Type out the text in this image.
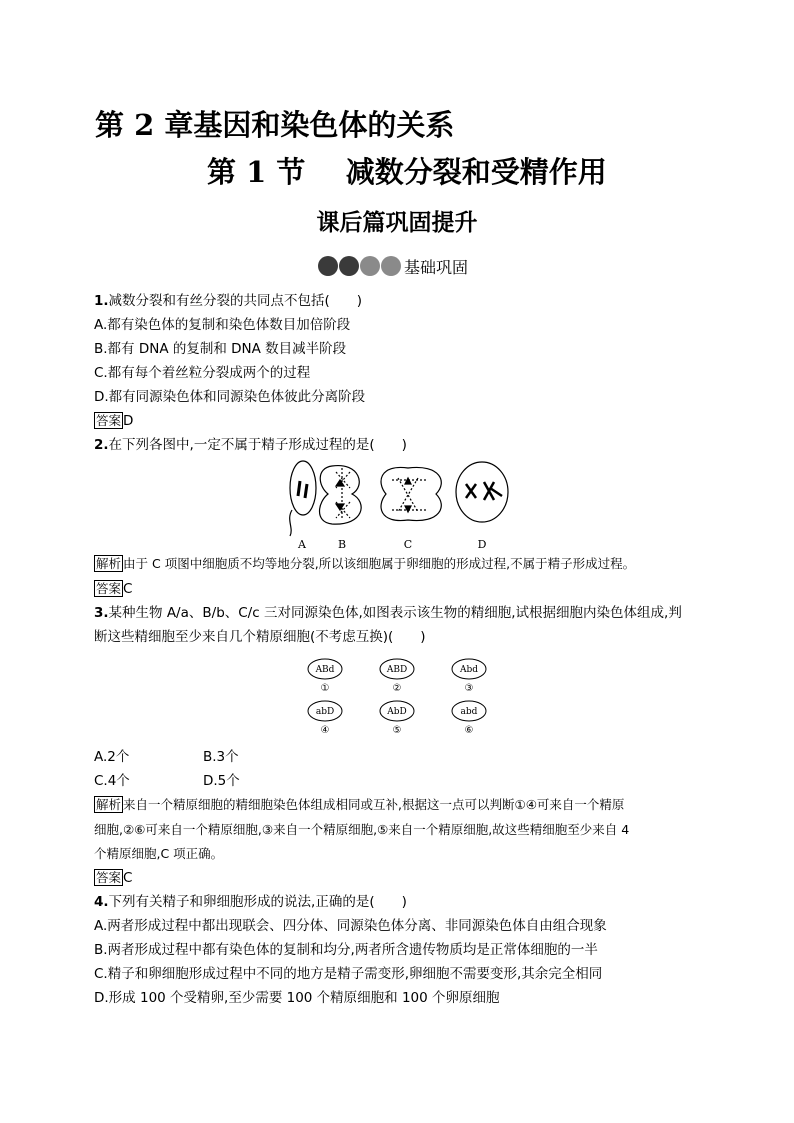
第 2 章基因和染色体的关系
第 1 节    减数分裂和受精作用
课后篇巩固提升
基础巩固
1.减数分裂和有丝分裂的共同点不包括(　　)
A.都有染色体的复制和染色体数目加倍阶段
B.都有 DNA 的复制和 DNA 数目减半阶段
C.都有每个着丝粒分裂成两个的过程
D.都有同源染色体和同源染色体彼此分离阶段
答案 D
2.在下列各图中,一定不属于精子形成过程的是(　　)
A	B	C	D
解析 由于 C 项图中细胞质不均等地分裂,所以该细胞属于卵细胞的形成过程,不属于精子形成过程。
答案 C
3.某种生物 A/a、B/b、C/c 三对同源染色体,如图表示该生物的精细胞,试根据细胞内染色体组成,判
断这些精细胞至少来自几个精原细胞(不考虑互换)(　　)
ABd	ABD	Abd
abD	AbD	abd
①	②	③
④	⑤	⑥
A.2个	B.3个
C.4个	D.5个
解析 来自一个精原细胞的精细胞染色体组成相同或互补,根据这一点可以判断①④可来自一个精原
细胞,②⑥可来自一个精原细胞,③来自一个精原细胞,⑤来自一个精原细胞,故这些精细胞至少来自 4
个精原细胞,C 项正确。
答案 C
4.下列有关精子和卵细胞形成的说法,正确的是(　　)
A.两者形成过程中都出现联会、四分体、同源染色体分离、非同源染色体自由组合现象
B.两者形成过程中都有染色体的复制和均分,两者所含遗传物质均是正常体细胞的一半
C.精子和卵细胞形成过程中不同的地方是精子需变形,卵细胞不需要变形,其余完全相同
D.形成 100 个受精卵,至少需要 100 个精原细胞和 100 个卵原细胞
